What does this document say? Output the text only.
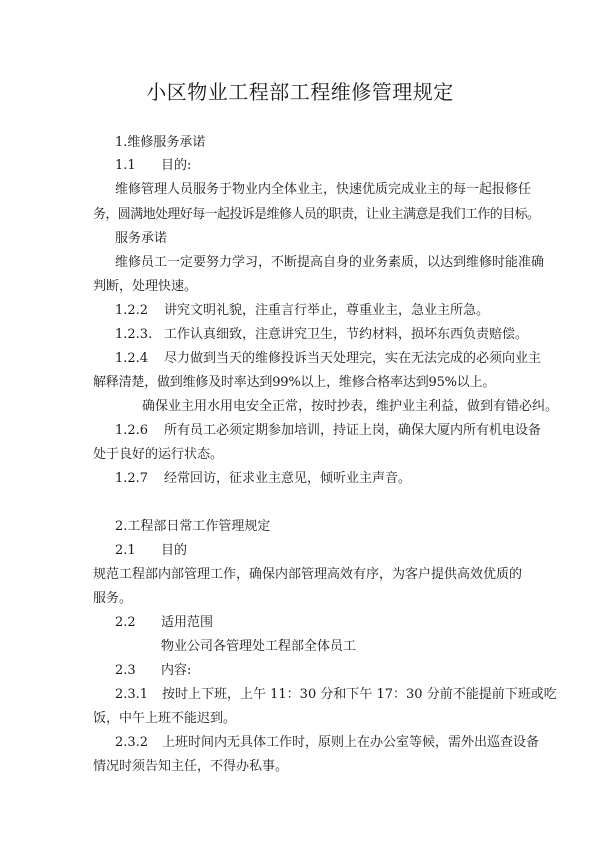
小区物业工程部工程维修管理规定
1.维修服务承诺
1.1 目的:
维修管理人员服务于物业内全体业主，快速优质完成业主的每一起报修任
务，圆满地处理好每一起投诉是维修人员的职责，让业主满意是我们工作的目标。
服务承诺
维修员工一定要努力学习，不断提高自身的业务素质，以达到维修时能准确
判断，处理快速。
1.2.2 讲究文明礼貌，注重言行举止，尊重业主，急业主所急。
1.2.3. 工作认真细致，注意讲究卫生，节约材料，损坏东西负责赔偿。
1.2.4 尽力做到当天的维修投诉当天处理完，实在无法完成的必须向业主
解释清楚，做到维修及时率达到99%以上，维修合格率达到95%以上。
确保业主用水用电安全正常，按时抄表，维护业主利益，做到有错必纠。
1.2.6 所有员工必须定期参加培训，持证上岗，确保大厦内所有机电设备
处于良好的运行状态。
1.2.7 经常回访，征求业主意见，倾听业主声音。
2.工程部日常工作管理规定
2.1 目的
规范工程部内部管理工作，确保内部管理高效有序，为客户提供高效优质的
服务。
2.2 适用范围
物业公司各管理处工程部全体员工
2.3 内容:
2.3.1 按时上下班，上午 11：30 分和下午 17：30 分前不能提前下班或吃
饭，中午上班不能迟到。
2.3.2 上班时间内无具体工作时，原则上在办公室等候，需外出巡查设备
情况时须告知主任，不得办私事。
